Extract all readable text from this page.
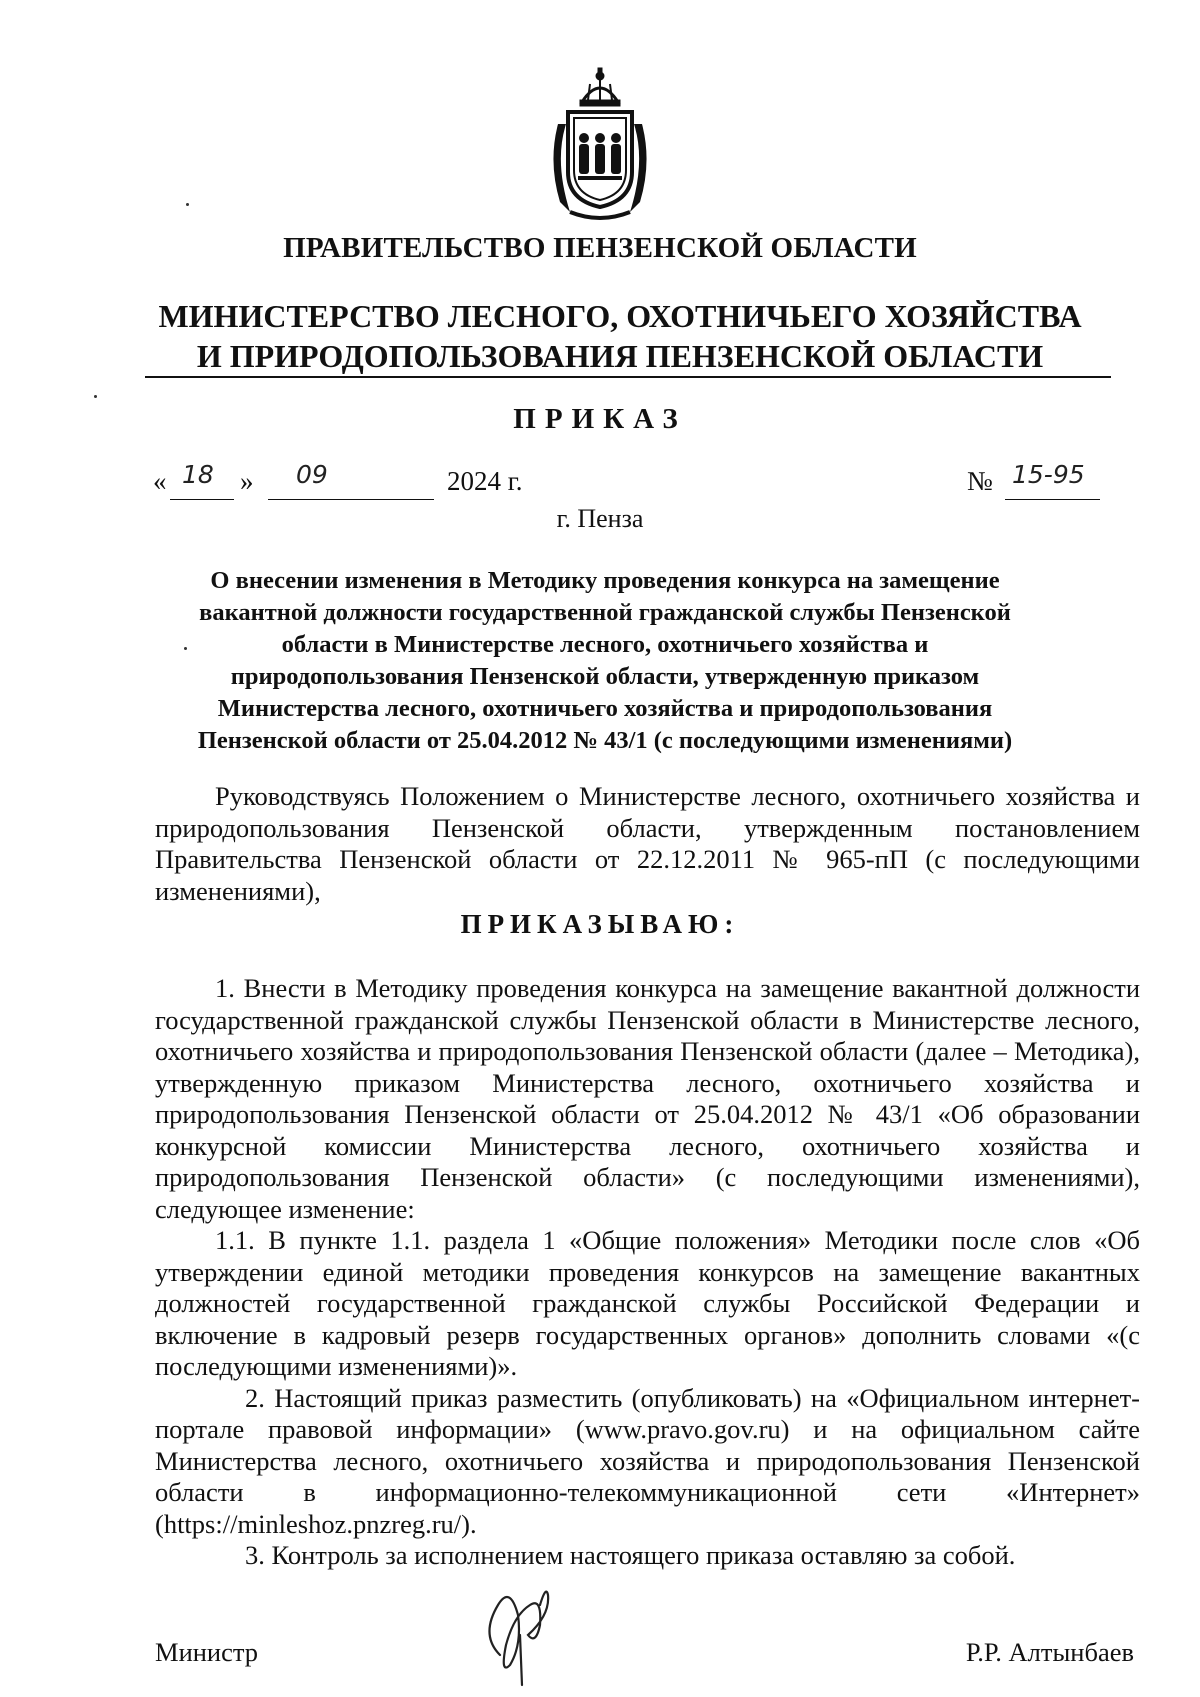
ПРАВИТЕЛЬСТВО ПЕНЗЕНСКОЙ ОБЛАСТИ
МИНИСТЕРСТВО ЛЕСНОГО, ОХОТНИЧЬЕГО ХОЗЯЙСТВА
И ПРИРОДОПОЛЬЗОВАНИЯ ПЕНЗЕНСКОЙ ОБЛАСТИ
ПРИКАЗ
« 18 » 09	2024 г.	№ 15-95
г. Пенза
О внесении изменения в Методику проведения конкурса на замещение вакантной должности государственной гражданской службы Пензенской области в Министерстве лесного, охотничьего хозяйства и природопользования Пензенской области, утвержденную приказом Министерства лесного, охотничьего хозяйства и природопользования Пензенской области от 25.04.2012 № 43/1 (с последующими изменениями)

Руководствуясь Положением о Министерстве лесного, охотничьего хозяйства и природопользования Пензенской области, утвержденным постановлением Правительства Пензенской области от 22.12.2011 № 965-пП (с последующими изменениями),

ПРИКАЗЫВАЮ:

1. Внести в Методику проведения конкурса на замещение вакантной должности государственной гражданской службы Пензенской области в Министерстве лесного, охотничьего хозяйства и природопользования Пензенской области (далее – Методика), утвержденную приказом Министерства лесного, охотничьего хозяйства и природопользования Пензенской области от 25.04.2012 № 43/1 «Об образовании конкурсной комиссии Министерства лесного, охотничьего хозяйства и природопользования Пензенской области» (с последующими изменениями), следующее изменение:

1.1. В пункте 1.1. раздела 1 «Общие положения» Методики после слов «Об утверждении единой методики проведения конкурсов на замещение вакантных должностей государственной гражданской службы Российской Федерации и включение в кадровый резерв государственных органов» дополнить словами «(с последующими изменениями)».

2. Настоящий приказ разместить (опубликовать) на «Официальном интернет-портале правовой информации» (www.pravo.gov.ru) и на официальном сайте Министерства лесного, охотничьего хозяйства и природопользования Пензенской области в информационно-телекоммуникационной сети «Интернет» (https://minleshoz.pnzreg.ru/).

3. Контроль за исполнением настоящего приказа оставляю за собой.

Министр	Р.Р. Алтынбаев
